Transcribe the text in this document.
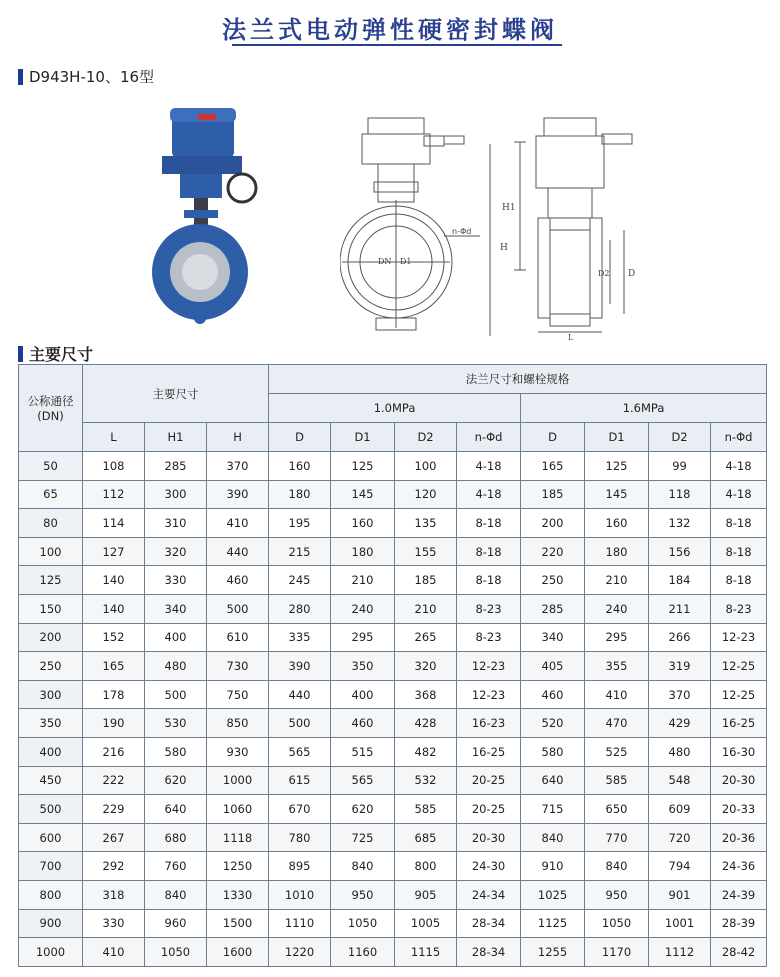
法兰式电动弹性硬密封蝶阀
D943H-10、16型
n-Φd
DN D1
H
H1
D
D2
L
主要尺寸
公称通径
(DN)	主要尺寸			法兰尺寸和螺栓规格							
				1.0MPa				1.6MPa			
	L	H1	H	D	D1	D2	n-Φd	D	D1	D2	n-Φd
50	108	285	370	160	125	100	4-18	165	125	99	4-18
65	112	300	390	180	145	120	4-18	185	145	118	4-18
80	114	310	410	195	160	135	8-18	200	160	132	8-18
100	127	320	440	215	180	155	8-18	220	180	156	8-18
125	140	330	460	245	210	185	8-18	250	210	184	8-18
150	140	340	500	280	240	210	8-23	285	240	211	8-23
200	152	400	610	335	295	265	8-23	340	295	266	12-23
250	165	480	730	390	350	320	12-23	405	355	319	12-25
300	178	500	750	440	400	368	12-23	460	410	370	12-25
350	190	530	850	500	460	428	16-23	520	470	429	16-25
400	216	580	930	565	515	482	16-25	580	525	480	16-30
450	222	620	1000	615	565	532	20-25	640	585	548	20-30
500	229	640	1060	670	620	585	20-25	715	650	609	20-33
600	267	680	1118	780	725	685	20-30	840	770	720	20-36
700	292	760	1250	895	840	800	24-30	910	840	794	24-36
800	318	840	1330	1010	950	905	24-34	1025	950	901	24-39
900	330	960	1500	1110	1050	1005	28-34	1125	1050	1001	28-39
1000	410	1050	1600	1220	1160	1115	28-34	1255	1170	1112	28-42
